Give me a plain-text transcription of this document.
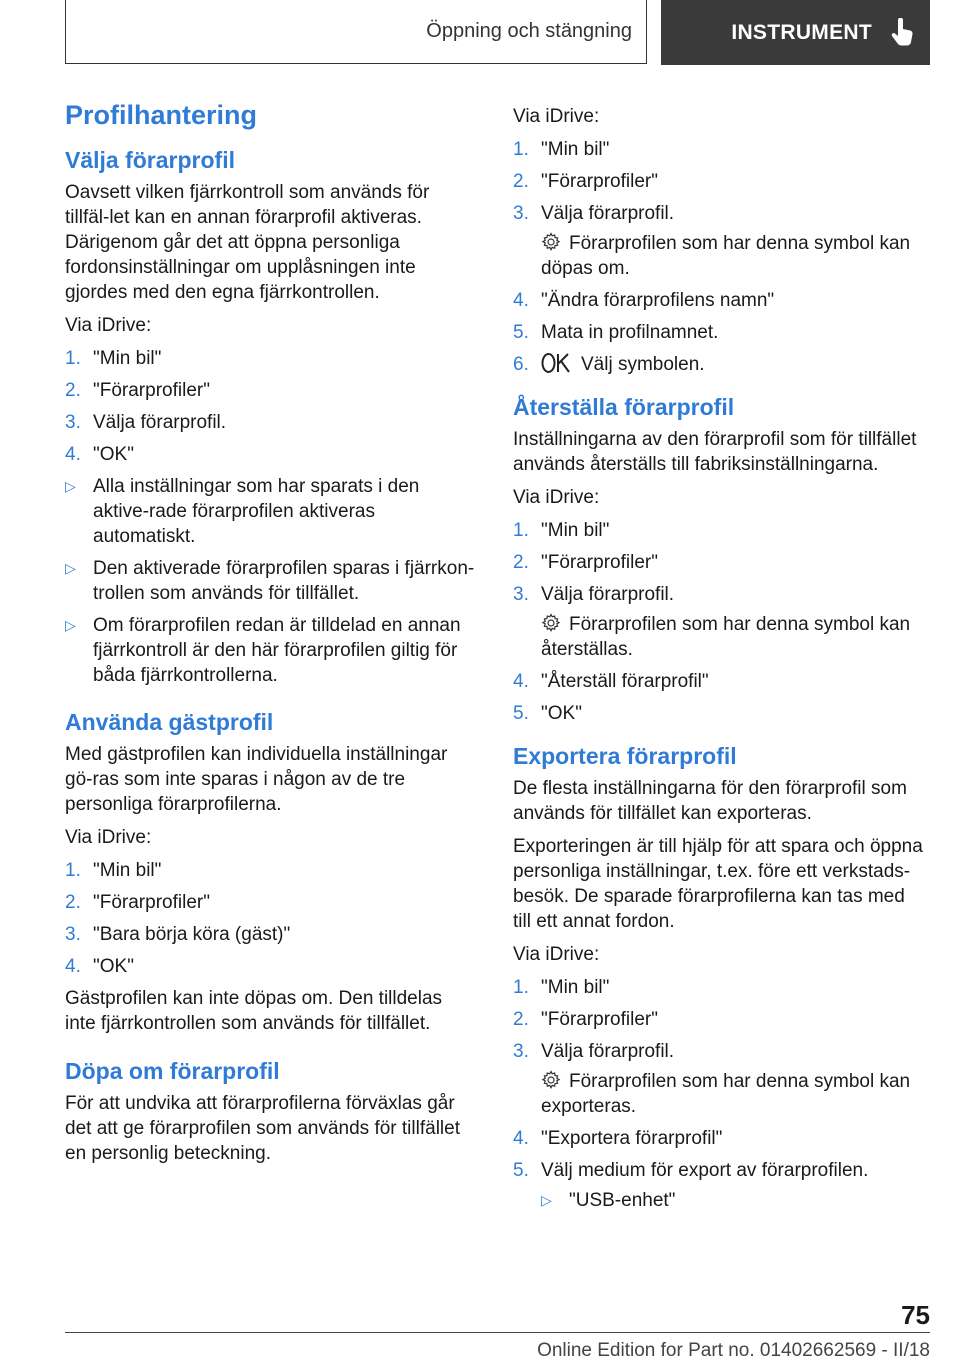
Öppning och stängning	INSTRUMENT
Profilhantering
Välja förarprofil

Oavsett vilken fjärrkontroll som används för tillfäl-let kan en annan förarprofil aktiveras. Därigenom går det att öppna personliga fordonsinställningar om upplåsningen inte gjordes med den egna fjärrkontrollen.

Via iDrive:

1. "Min bil"
2. "Förarprofiler"
3. Välja förarprofil.
4. "OK"
▷ Alla inställningar som har sparats i den aktive-rade förarprofilen aktiveras automatiskt.
▷ Den aktiverade förarprofilen sparas i fjärrkon-trollen som används för tillfället.
▷ Om förarprofilen redan är tilldelad en annan fjärrkontroll är den här förarprofilen giltig för båda fjärrkontrollerna.
Använda gästprofil

Med gästprofilen kan individuella inställningar gö-ras som inte sparas i någon av de tre personliga förarprofilerna.

Via iDrive:

1. "Min bil"
2. "Förarprofiler"
3. "Bara börja köra (gäst)"
4. "OK"

Gästprofilen kan inte döpas om. Den tilldelas inte fjärrkontrollen som används för tillfället.

Döpa om förarprofil

För att undvika att förarprofilerna förväxlas går det att ge förarprofilen som används för tillfället en personlig beteckning.

Via iDrive:

1. "Min bil"
2. "Förarprofiler"
3. Välja förarprofil.
Förarprofilen som har denna symbol kan döpas om.
4. "Ändra förarprofilens namn"
5. Mata in profilnamnet.
6.	Välj symbolen.
Återställa förarprofil

Inställningarna av den förarprofil som för tillfället används återställs till fabriksinställningarna.

Via iDrive:

1. "Min bil"
2. "Förarprofiler"
3. Välja förarprofil.
Förarprofilen som har denna symbol kan återställas.
4. "Återställ förarprofil"
5. "OK"
Exportera förarprofil

De flesta inställningarna för den förarprofil som används för tillfället kan exporteras.

Exporteringen är till hjälp för att spara och öppna personliga inställningar, t.ex. före ett verkstads-besök. De sparade förarprofilerna kan tas med till ett annat fordon.

Via iDrive:

1. "Min bil"
2. "Förarprofiler"
3. Välja förarprofil.
Förarprofilen som har denna symbol kan exporteras.
4. "Exportera förarprofil"
5. Välj medium för export av förarprofilen.
▷ "USB-enhet"
75
Online Edition for Part no. 01402662569 - II/18
